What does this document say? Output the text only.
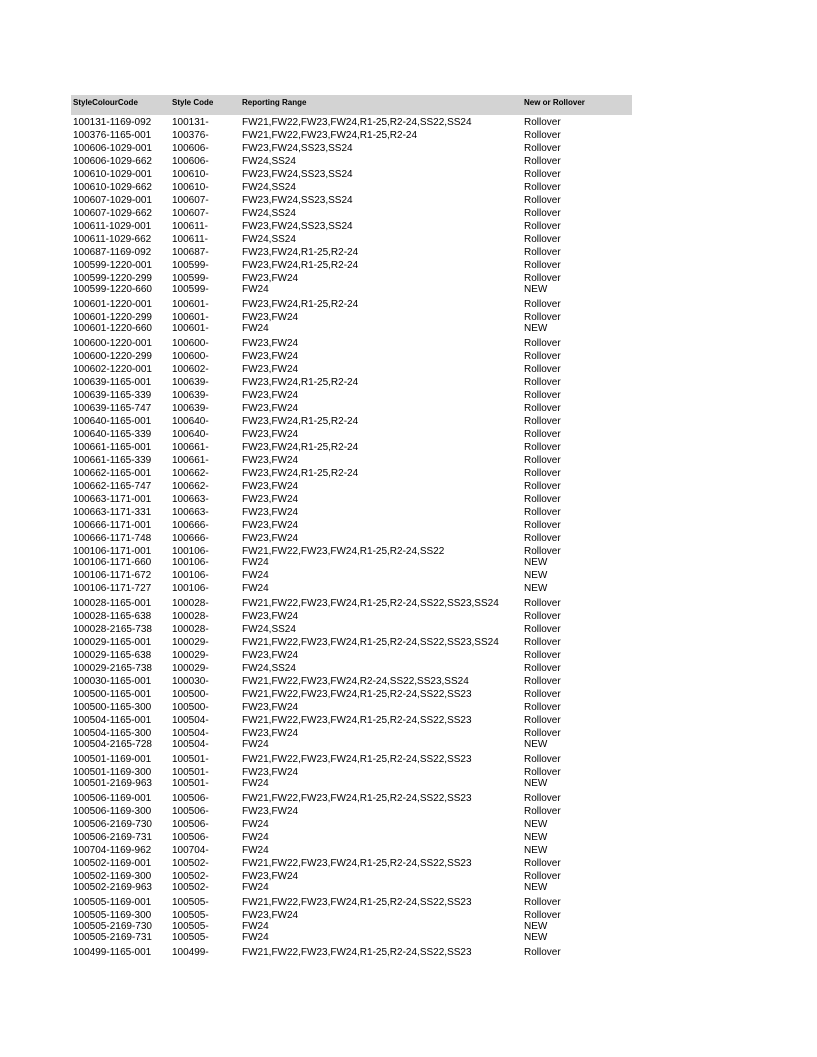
StyleColourCode	Style Code	Reporting Range	New or Rollover
100131-1169-092 100131-	FW21,FW22,FW23,FW24,R1-25,R2-24,SS22,SS24	Rollover
100376-1165-001 100376-	FW21,FW22,FW23,FW24,R1-25,R2-24	Rollover
100606-1029-001 100606-	FW23,FW24,SS23,SS24	Rollover
100606-1029-662 100606-	FW24,SS24	Rollover
100610-1029-001 100610-	FW23,FW24,SS23,SS24	Rollover
100610-1029-662 100610-	FW24,SS24	Rollover
100607-1029-001 100607-	FW23,FW24,SS23,SS24	Rollover
100607-1029-662 100607-	FW24,SS24	Rollover
100611-1029-001 100611-	FW23,FW24,SS23,SS24	Rollover
100611-1029-662 100611-	FW24,SS24	Rollover
100687-1169-092 100687-	FW23,FW24,R1-25,R2-24	Rollover
100599-1220-001 100599-	FW23,FW24,R1-25,R2-24	Rollover
100599-1220-299 100599-	FW23,FW24	Rollover
100599-1220-660 100599-	FW24	NEW
100601-1220-001 100601-	FW23,FW24,R1-25,R2-24	Rollover
100601-1220-299 100601-	FW23,FW24	Rollover
100601-1220-660 100601-	FW24	NEW
100600-1220-001 100600-	FW23,FW24	Rollover
100600-1220-299 100600-	FW23,FW24	Rollover
100602-1220-001 100602-	FW23,FW24	Rollover
100639-1165-001 100639-	FW23,FW24,R1-25,R2-24	Rollover
100639-1165-339 100639-	FW23,FW24	Rollover
100639-1165-747 100639-	FW23,FW24	Rollover
100640-1165-001 100640-	FW23,FW24,R1-25,R2-24	Rollover
100640-1165-339 100640-	FW23,FW24	Rollover
100661-1165-001 100661-	FW23,FW24,R1-25,R2-24	Rollover
100661-1165-339 100661-	FW23,FW24	Rollover
100662-1165-001 100662-	FW23,FW24,R1-25,R2-24	Rollover
100662-1165-747 100662-	FW23,FW24	Rollover
100663-1171-001 100663-	FW23,FW24	Rollover
100663-1171-331 100663-	FW23,FW24	Rollover
100666-1171-001 100666-	FW23,FW24	Rollover
100666-1171-748 100666-	FW23,FW24	Rollover
100106-1171-001 100106-	FW21,FW22,FW23,FW24,R1-25,R2-24,SS22	Rollover
100106-1171-660 100106-	FW24	NEW
100106-1171-672 100106-	FW24	NEW
100106-1171-727 100106-	FW24	NEW
100028-1165-001 100028-	FW21,FW22,FW23,FW24,R1-25,R2-24,SS22,SS23,SS24	Rollover
100028-1165-638 100028-	FW23,FW24	Rollover
100028-2165-738 100028-	FW24,SS24	Rollover
100029-1165-001 100029-	FW21,FW22,FW23,FW24,R1-25,R2-24,SS22,SS23,SS24	Rollover
100029-1165-638 100029-	FW23,FW24	Rollover
100029-2165-738 100029-	FW24,SS24	Rollover
100030-1165-001 100030-	FW21,FW22,FW23,FW24,R2-24,SS22,SS23,SS24	Rollover
100500-1165-001 100500-	FW21,FW22,FW23,FW24,R1-25,R2-24,SS22,SS23	Rollover
100500-1165-300 100500-	FW23,FW24	Rollover
100504-1165-001 100504-	FW21,FW22,FW23,FW24,R1-25,R2-24,SS22,SS23	Rollover
100504-1165-300 100504-	FW23,FW24	Rollover
100504-2165-728 100504-	FW24	NEW
100501-1169-001 100501-	FW21,FW22,FW23,FW24,R1-25,R2-24,SS22,SS23	Rollover
100501-1169-300 100501-	FW23,FW24	Rollover
100501-2169-963 100501-	FW24	NEW
100506-1169-001 100506-	FW21,FW22,FW23,FW24,R1-25,R2-24,SS22,SS23	Rollover
100506-1169-300 100506-	FW23,FW24	Rollover
100506-2169-730 100506-	FW24	NEW
100506-2169-731 100506-	FW24	NEW
100704-1169-962 100704-	FW24	NEW
100502-1169-001 100502-	FW21,FW22,FW23,FW24,R1-25,R2-24,SS22,SS23	Rollover
100502-1169-300 100502-	FW23,FW24	Rollover
100502-2169-963 100502-	FW24	NEW
100505-1169-001 100505-	FW21,FW22,FW23,FW24,R1-25,R2-24,SS22,SS23	Rollover
100505-1169-300 100505-	FW23,FW24	Rollover
100505-2169-730 100505-	FW24	NEW
100505-2169-731 100505-	FW24	NEW
100499-1165-001 100499-	FW21,FW22,FW23,FW24,R1-25,R2-24,SS22,SS23	Rollover
